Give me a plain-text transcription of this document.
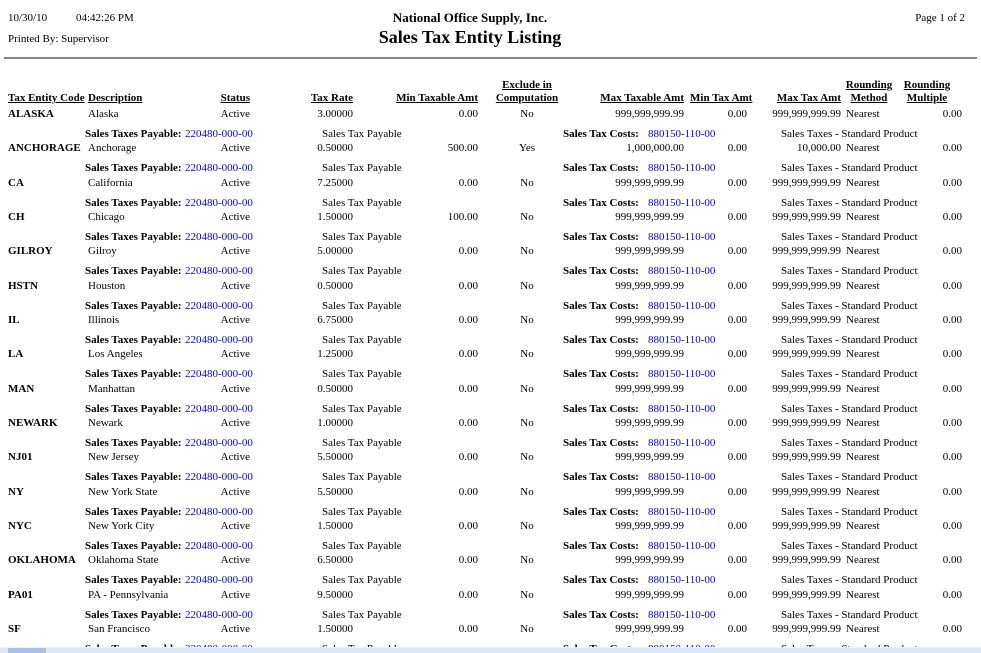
10/30/10	04:42:26 PM
Printed By: Supervisor
National Office Supply, Inc.
Sales Tax Entity Listing
Page 1 of 2
Exclude in	Rounding	Rounding
Tax Entity Code Description	Status	Tax Rate	Min Taxable Amt	Computation	Max Taxable Amt Min Tax Amt	Max Tax Amt Method	Multiple
ALASKA	Alaska	Active	3.00000	0.00	No	999,999,999.99	0.00	999,999,999.99 Nearest	0.00
Sales Taxes Payable: 220480-000-00	Sales Tax Payable	Sales Tax Costs: 880150-110-00	Sales Taxes - Standard Product
ANCHORAGE Anchorage	Active	0.50000	500.00	Yes	1,000,000.00	0.00	10,000.00 Nearest	0.00
Sales Taxes Payable: 220480-000-00	Sales Tax Payable	Sales Tax Costs: 880150-110-00	Sales Taxes - Standard Product
CA	California	Active	7.25000	0.00	No	999,999,999.99	0.00	999,999,999.99 Nearest	0.00
Sales Taxes Payable: 220480-000-00	Sales Tax Payable	Sales Tax Costs: 880150-110-00	Sales Taxes - Standard Product
CH	Chicago	Active	1.50000	100.00	No	999,999,999.99	0.00	999,999,999.99 Nearest	0.00
Sales Taxes Payable: 220480-000-00	Sales Tax Payable	Sales Tax Costs: 880150-110-00	Sales Taxes - Standard Product
GILROY	Gilroy	Active	5.00000	0.00	No	999,999,999.99	0.00	999,999,999.99 Nearest	0.00
Sales Taxes Payable: 220480-000-00	Sales Tax Payable	Sales Tax Costs: 880150-110-00	Sales Taxes - Standard Product
HSTN	Houston	Active	0.50000	0.00	No	999,999,999.99	0.00	999,999,999.99 Nearest	0.00
Sales Taxes Payable: 220480-000-00	Sales Tax Payable	Sales Tax Costs: 880150-110-00	Sales Taxes - Standard Product
IL	Illinois	Active	6.75000	0.00	No	999,999,999.99	0.00	999,999,999.99 Nearest	0.00
Sales Taxes Payable: 220480-000-00	Sales Tax Payable	Sales Tax Costs: 880150-110-00	Sales Taxes - Standard Product
LA	Los Angeles	Active	1.25000	0.00	No	999,999,999.99	0.00	999,999,999.99 Nearest	0.00
Sales Taxes Payable: 220480-000-00	Sales Tax Payable	Sales Tax Costs: 880150-110-00	Sales Taxes - Standard Product
MAN	Manhattan	Active	0.50000	0.00	No	999,999,999.99	0.00	999,999,999.99 Nearest	0.00
Sales Taxes Payable: 220480-000-00	Sales Tax Payable	Sales Tax Costs: 880150-110-00	Sales Taxes - Standard Product
NEWARK	Newark	Active	1.00000	0.00	No	999,999,999.99	0.00	999,999,999.99 Nearest	0.00
Sales Taxes Payable: 220480-000-00	Sales Tax Payable	Sales Tax Costs: 880150-110-00	Sales Taxes - Standard Product
NJ01	New Jersey	Active	5.50000	0.00	No	999,999,999.99	0.00	999,999,999.99 Nearest	0.00
Sales Taxes Payable: 220480-000-00	Sales Tax Payable	Sales Tax Costs: 880150-110-00	Sales Taxes - Standard Product
NY	New York State	Active	5.50000	0.00	No	999,999,999.99	0.00	999,999,999.99 Nearest	0.00
Sales Taxes Payable: 220480-000-00	Sales Tax Payable	Sales Tax Costs: 880150-110-00	Sales Taxes - Standard Product
NYC	New York City	Active	1.50000	0.00	No	999,999,999.99	0.00	999,999,999.99 Nearest	0.00
Sales Taxes Payable: 220480-000-00	Sales Tax Payable	Sales Tax Costs: 880150-110-00	Sales Taxes - Standard Product
OKLAHOMA	Oklahoma State	Active	6.50000	0.00	No	999,999,999.99	0.00	999,999,999.99 Nearest	0.00
Sales Taxes Payable: 220480-000-00	Sales Tax Payable	Sales Tax Costs: 880150-110-00	Sales Taxes - Standard Product
PA01	PA - Pennsylvania	Active	9.50000	0.00	No	999,999,999.99	0.00	999,999,999.99 Nearest	0.00
Sales Taxes Payable: 220480-000-00	Sales Tax Payable	Sales Tax Costs: 880150-110-00	Sales Taxes - Standard Product
SF	San Francisco	Active	1.50000	0.00	No	999,999,999.99	0.00	999,999,999.99 Nearest	0.00
